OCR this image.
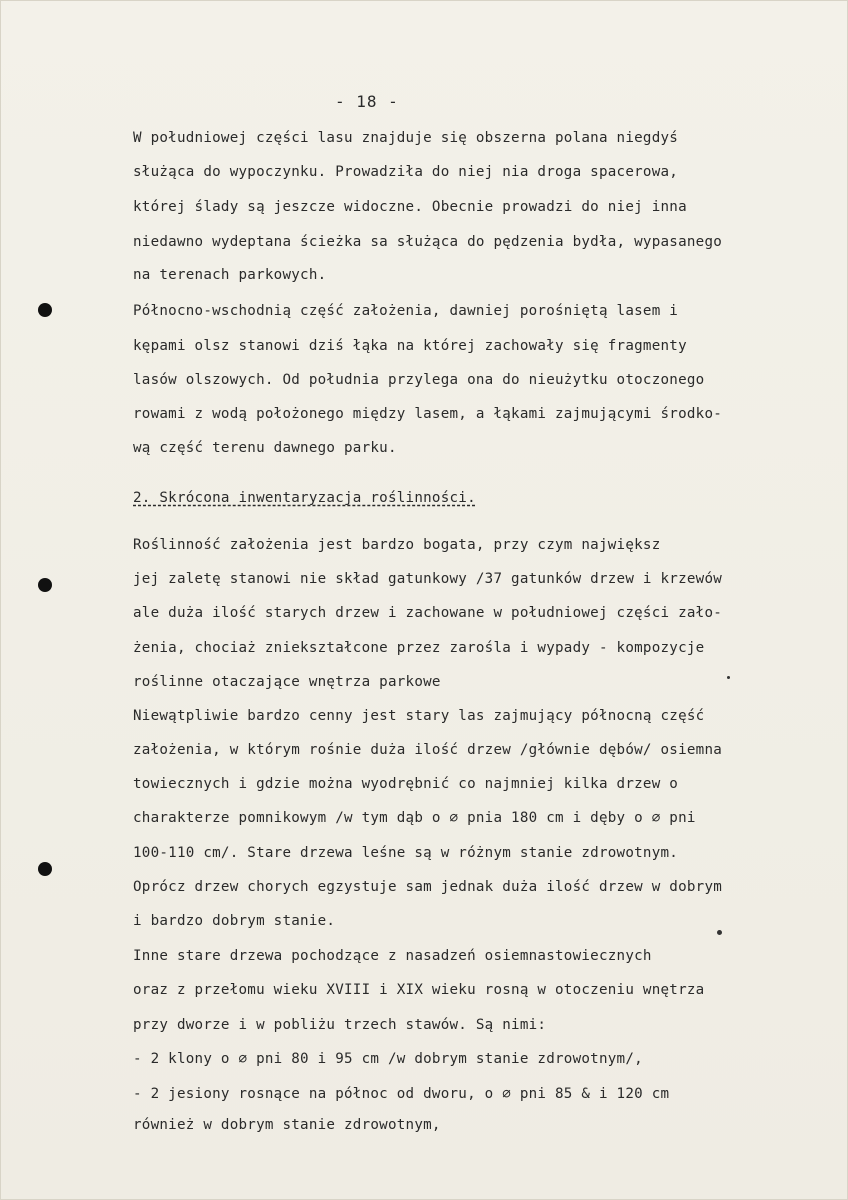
- 18 -
W południowej części lasu znajduje się obszerna polana niegdyś
służąca do wypoczynku. Prowadziła do niej nia droga spacerowa,
której ślady są jeszcze widoczne. Obecnie prowadzi do niej inna
niedawno wydeptana ścieżka sa służąca do pędzenia bydła, wypasanego
na terenach parkowych.
Północno-wschodnią część założenia, dawniej porośniętą lasem i
kępami olsz stanowi dziś łąka na której zachowały się fragmenty
lasów olszowych. Od południa przylega ona do nieużytku otoczonego
rowami z wodą położonego między lasem, a łąkami zajmującymi środko-
wą część terenu dawnego parku.
2. Skrócona inwentaryzacja roślinności.
Roślinność założenia jest bardzo bogata, przy czym największ
jej zaletę stanowi nie skład gatunkowy /37 gatunków drzew i krzewów
ale duża ilość starych drzew i zachowane w południowej części zało-
żenia, chociaż zniekształcone przez zarośla i wypady - kompozycje
roślinne otaczające wnętrza parkowe
Niewątpliwie bardzo cenny jest stary las zajmujący północną część
założenia, w którym rośnie duża ilość drzew /głównie dębów/ osiemna
towiecznych i gdzie można wyodrębnić co najmniej kilka drzew o
charakterze pomnikowym /w tym dąb o ∅ pnia 180 cm i dęby o ∅ pni
100-110 cm/. Stare drzewa leśne są w różnym stanie zdrowotnym.
Oprócz drzew chorych egzystuje sam jednak duża ilość drzew w dobrym
i bardzo dobrym stanie.
Inne stare drzewa pochodzące z nasadzeń osiemnastowiecznych
oraz z przełomu wieku XVIII i XIX wieku rosną w otoczeniu wnętrza
przy dworze i w pobliżu trzech stawów. Są nimi:
- 2 klony o ∅ pni 80 i 95 cm /w dobrym stanie zdrowotnym/,
- 2 jesiony rosnące na północ od dworu, o ∅ pni 85 & i 120 cm
również w dobrym stanie zdrowotnym,
